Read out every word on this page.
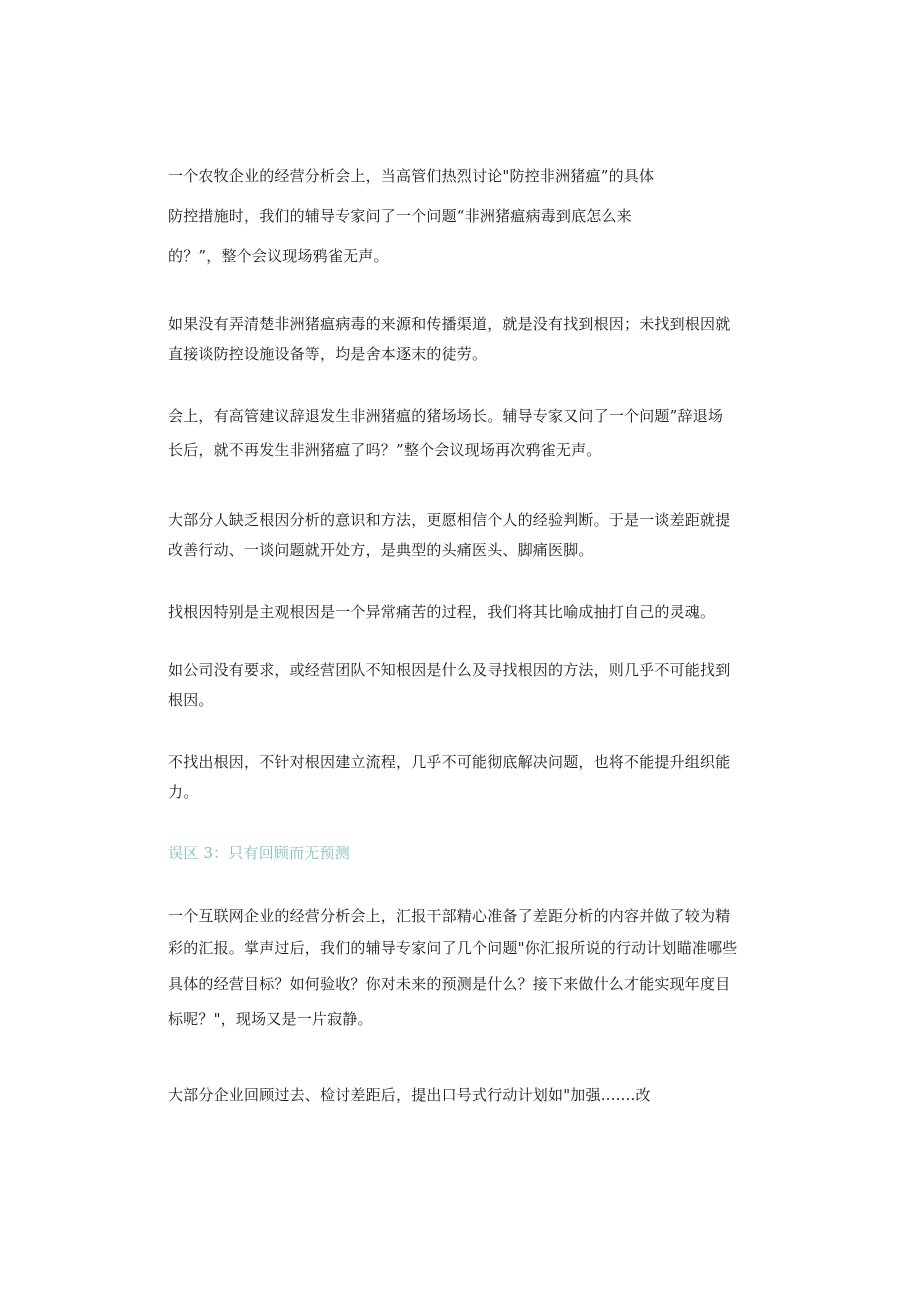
一个农牧企业的经营分析会上，当高管们热烈讨论"防控非洲猪瘟”的具体
防控措施时，我们的辅导专家问了一个问题“非洲猪瘟病毒到底怎么来
的？”，整个会议现场鸦雀无声。
如果没有弄清楚非洲猪瘟病毒的来源和传播渠道，就是没有找到根因；未找到根因就
直接谈防控设施设备等，均是舍本逐末的徒劳。
会上，有高管建议辞退发生非洲猪瘟的猪场场长。辅导专家又问了一个问题”辞退场
长后，就不再发生非洲猪瘟了吗？”整个会议现场再次鸦雀无声。
大部分人缺乏根因分析的意识和方法，更愿相信个人的经验判断。于是一谈差距就提
改善行动、一谈问题就开处方，是典型的头痛医头、脚痛医脚。
找根因特别是主观根因是一个异常痛苦的过程，我们将其比喻成抽打自己的灵魂。
如公司没有要求，或经营团队不知根因是什么及寻找根因的方法，则几乎不可能找到
根因。
不找出根因，不针对根因建立流程，几乎不可能彻底解决问题，也将不能提升组织能
力。
误区 3：只有回顾而无预测
一个互联网企业的经营分析会上，汇报干部精心准备了差距分析的内容并做了较为精
彩的汇报。掌声过后，我们的辅导专家问了几个问题"你汇报所说的行动计划瞄准哪些
具体的经营目标？如何验收？你对未来的预测是什么？接下来做什么才能实现年度目
标呢？"，现场又是一片寂静。
大部分企业回顾过去、检讨差距后，提出口号式行动计划如"加强.......改
